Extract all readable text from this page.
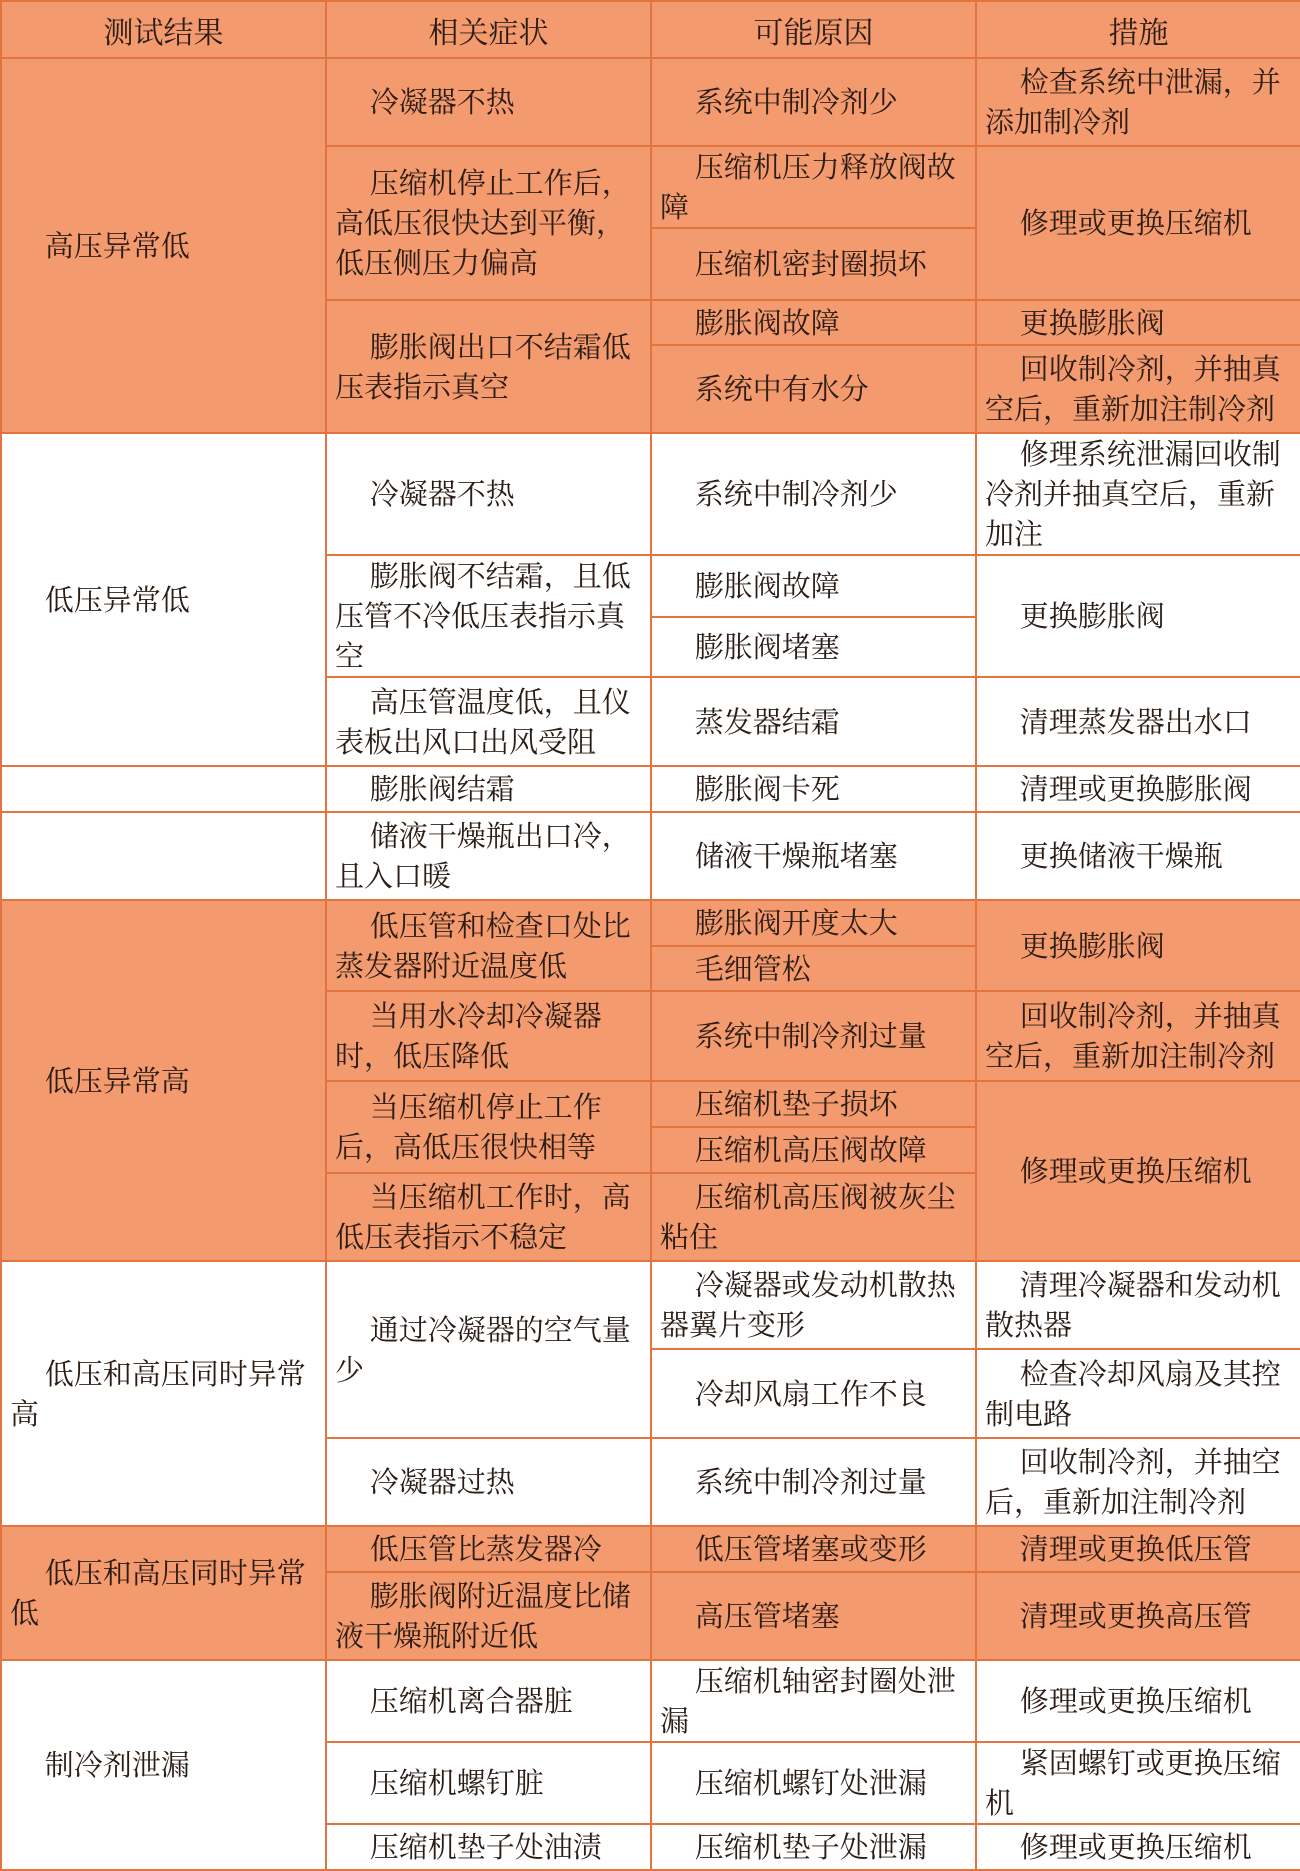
测试结果	相关症状	可能原因	措施
高压异常低	冷凝器不热	系统中制冷剂少	检查系统中泄漏，并添加制冷剂
	压缩机停止工作后，高低压很快达到平衡，低压侧压力偏高	压缩机压力释放阀故障	修理或更换压缩机
		压缩机密封圈损坏	
	膨胀阀出口不结霜低压表指示真空	膨胀阀故障	更换膨胀阀
		系统中有水分	回收制冷剂，并抽真空后，重新加注制冷剂
低压异常低	冷凝器不热	系统中制冷剂少	修理系统泄漏回收制冷剂并抽真空后，重新加注
	膨胀阀不结霜，且低压管不冷低压表指示真空	膨胀阀故障	更换膨胀阀
		膨胀阀堵塞	
	高压管温度低，且仪表板出风口出风受阻	蒸发器结霜	清理蒸发器出水口
	膨胀阀结霜	膨胀阀卡死	清理或更换膨胀阀
	储液干燥瓶出口冷，且入口暖	储液干燥瓶堵塞	更换储液干燥瓶
低压异常高	低压管和检查口处比蒸发器附近温度低	膨胀阀开度太大	更换膨胀阀
		毛细管松	
	当用水冷却冷凝器时，低压降低	系统中制冷剂过量	回收制冷剂，并抽真空后，重新加注制冷剂
	当压缩机停止工作后，高低压很快相等	压缩机垫子损坏	修理或更换压缩机
		压缩机高压阀故障	
	当压缩机工作时，高低压表指示不稳定	压缩机高压阀被灰尘粘住	
低压和高压同时异常高	通过冷凝器的空气量少	冷凝器或发动机散热器翼片变形	清理冷凝器和发动机散热器
		冷却风扇工作不良	检查冷却风扇及其控制电路
	冷凝器过热	系统中制冷剂过量	回收制冷剂，并抽空后，重新加注制冷剂
低压和高压同时异常低	低压管比蒸发器冷	低压管堵塞或变形	清理或更换低压管
	膨胀阀附近温度比储液干燥瓶附近低	高压管堵塞	清理或更换高压管
制冷剂泄漏	压缩机离合器脏	压缩机轴密封圈处泄漏	修理或更换压缩机
	压缩机螺钉脏	压缩机螺钉处泄漏	紧固螺钉或更换压缩机
	压缩机垫子处油渍	压缩机垫子处泄漏	修理或更换压缩机
